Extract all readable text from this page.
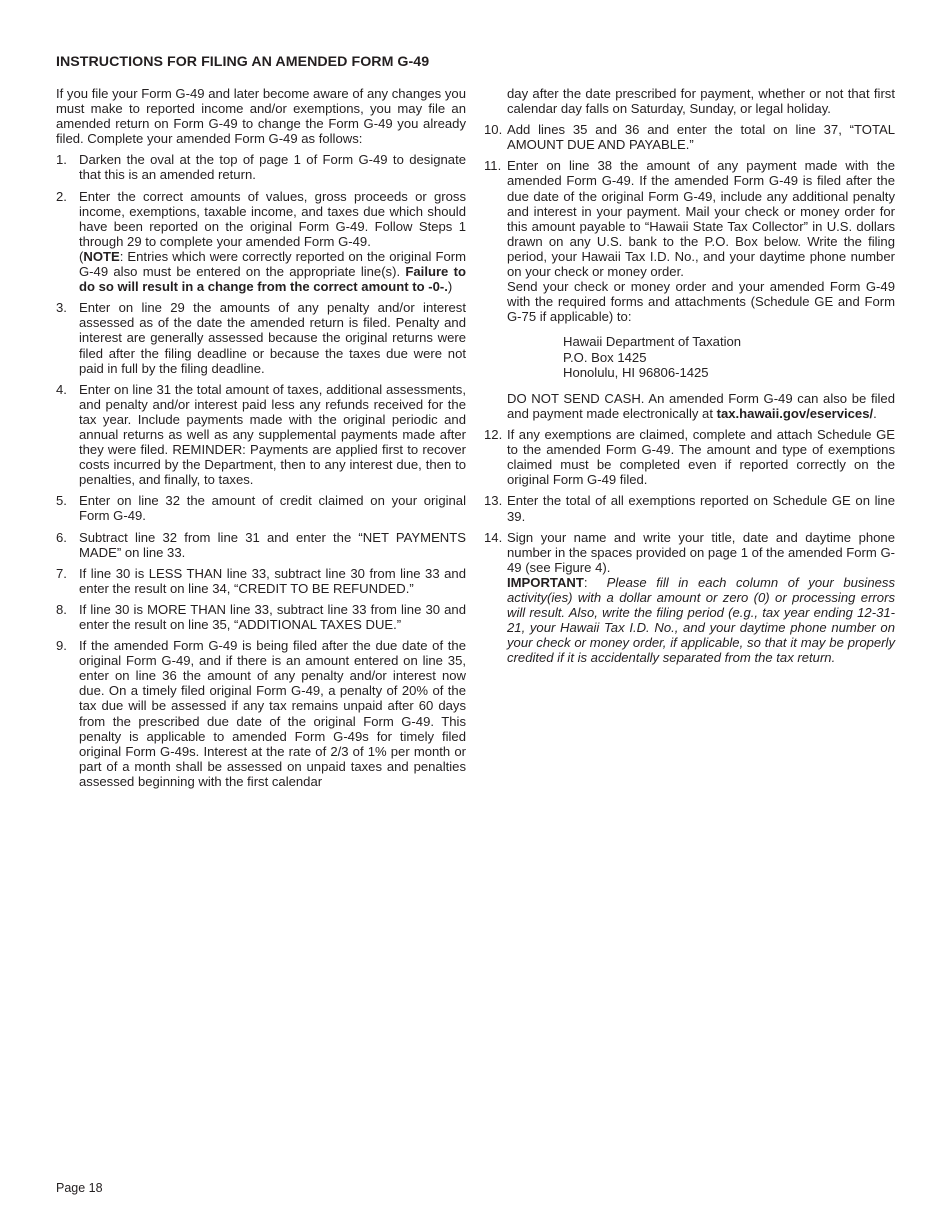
INSTRUCTIONS FOR FILING AN AMENDED FORM G-49

If you file your Form G-49 and later become aware of any changes you must make to reported income and/or exemptions, you may file an amended return on Form G-49 to change the Form G-49 you already filed. Complete your amended Form G-49 as follows:

1. Darken the oval at the top of page 1 of Form G-49 to designate that this is an amended return.
2. Enter the correct amounts of values, gross proceeds or gross income, exemptions, taxable income, and taxes due which should have been reported on the original Form G-49. Follow Steps 1 through 29 to complete your amended Form G-49.
(NOTE: Entries which were correctly reported on the original Form G-49 also must be entered on the appropriate line(s). Failure to do so will result in a change from the correct amount to -0-.)
3. Enter on line 29 the amounts of any penalty and/or interest assessed as of the date the amended return is filed. Penalty and interest are generally assessed because the original returns were filed after the filing deadline or because the taxes due were not paid in full by the filing deadline.
4. Enter on line 31 the total amount of taxes, additional assessments, and penalty and/or interest paid less any refunds received for the tax year. Include payments made with the original periodic and annual returns as well as any supplemental payments made after they were filed. REMINDER: Payments are applied first to recover costs incurred by the Department, then to any interest due, then to penalties, and finally, to taxes.
5. Enter on line 32 the amount of credit claimed on your original Form G-49.
6. Subtract line 32 from line 31 and enter the “NET PAYMENTS MADE” on line 33.
7. If line 30 is LESS THAN line 33, subtract line 30 from line 33 and enter the result on line 34, “CREDIT TO BE REFUNDED.”
8. If line 30 is MORE THAN line 33, subtract line 33 from line 30 and enter the result on line 35, “ADDITIONAL TAXES DUE.”
9. If the amended Form G-49 is being filed after the due date of the original Form G-49, and if there is an amount entered on line 35, enter on line 36 the amount of any penalty and/or interest now due. On a timely filed original Form G-49, a penalty of 20% of the tax due will be assessed if any tax remains unpaid after 60 days from the prescribed due date of the original Form G-49. This penalty is applicable to amended Form G-49s for timely filed original Form G-49s. Interest at the rate of 2/3 of 1% per month or part of a month shall be assessed on unpaid taxes and penalties assessed beginning with the first calendar

day after the date prescribed for payment, whether or not that first calendar day falls on Saturday, Sunday, or legal holiday.

10. Add lines 35 and 36 and enter the total on line 37, “TOTAL AMOUNT DUE AND PAYABLE.”
11. Enter on line 38 the amount of any payment made with the amended Form G-49. If the amended Form G-49 is filed after the due date of the original Form G-49, include any additional penalty and interest in your payment. Mail your check or money order for this amount payable to “Hawaii State Tax Collector” in U.S. dollars drawn on any U.S. bank to the P.O. Box below. Write the filing period, your Hawaii Tax I.D. No., and your daytime phone number on your check or money order.

Send your check or money order and your amended Form G-49 with the required forms and attachments (Schedule GE and Form G-75 if applicable) to:

Hawaii Department of Taxation
P.O. Box 1425
Honolulu, HI 96806-1425

DO NOT SEND CASH. An amended Form G-49 can also be filed and payment made electronically at tax.hawaii.gov/eservices/.

12. If any exemptions are claimed, complete and attach Schedule GE to the amended Form G-49. The amount and type of exemptions claimed must be completed even if reported correctly on the original Form G-49 filed.
13. Enter the total of all exemptions reported on Schedule GE on line 39.
14. Sign your name and write your title, date and daytime phone number in the spaces provided on page 1 of the amended Form G-49 (see Figure 4).

IMPORTANT: Please fill in each column of your business activity(ies) with a dollar amount or zero (0) or processing errors will result. Also, write the filing period (e.g., tax year ending 12-31-21, your Hawaii Tax I.D. No., and your daytime phone number on your check or money order, if applicable, so that it may be properly credited if it is accidentally separated from the tax return.

Page 18
